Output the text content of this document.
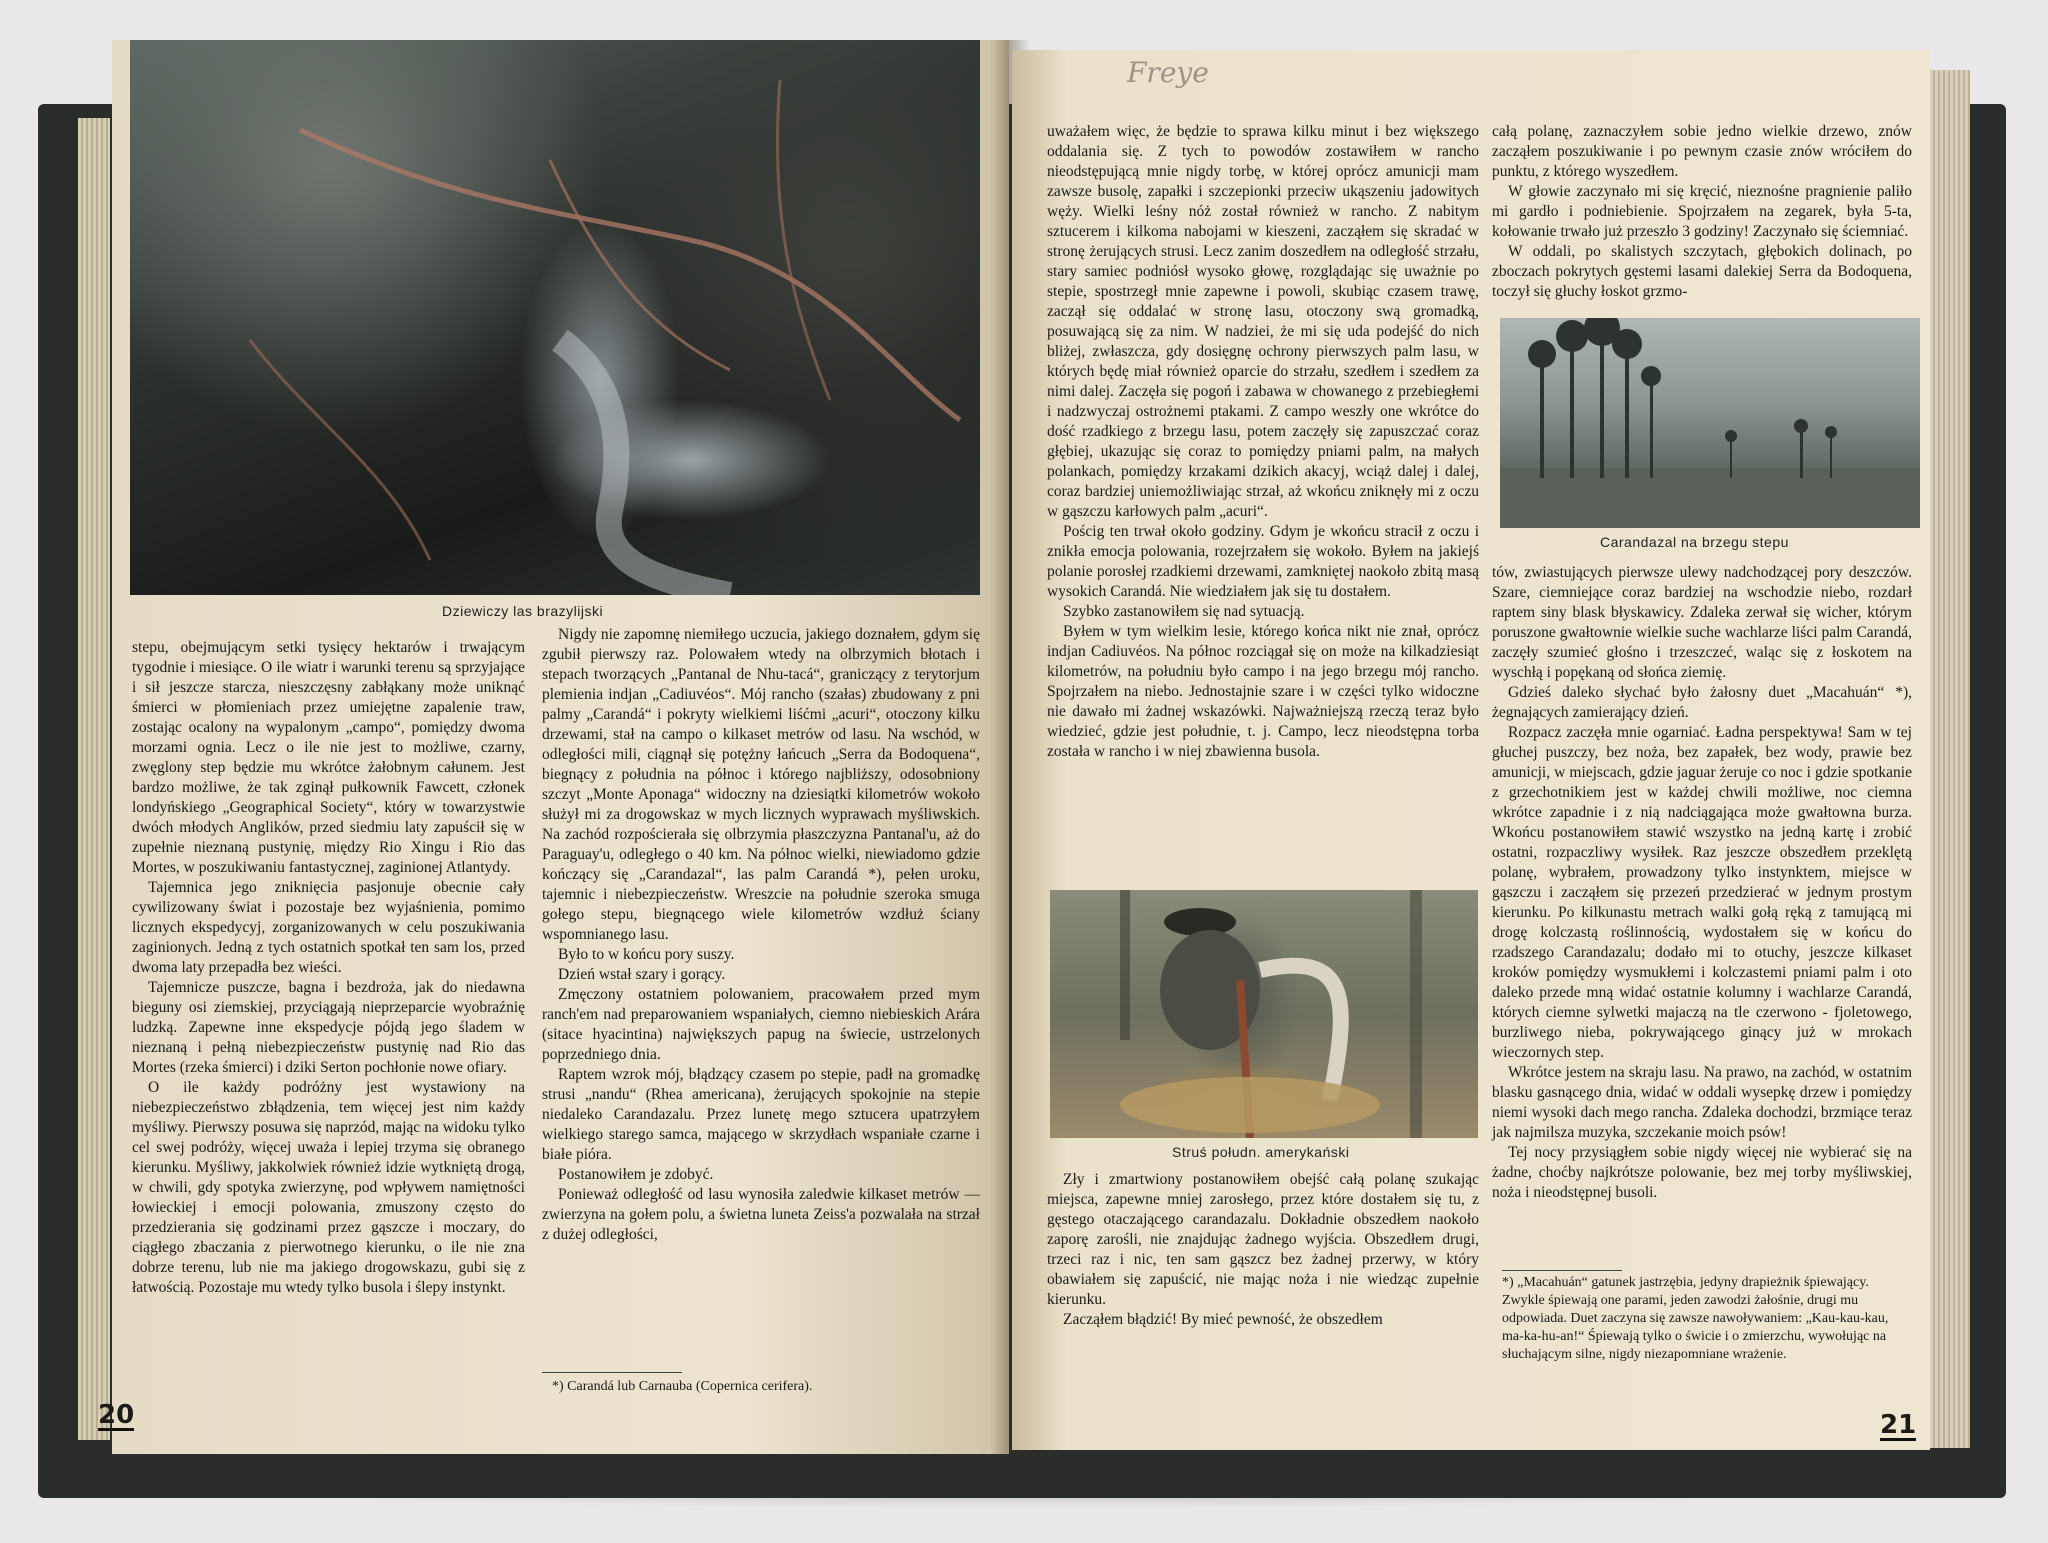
Dziewiczy las brazylijski

stepu, obejmującym setki tysięcy hektarów i trwającym tygodnie i miesiące. O ile wiatr i warunki terenu są sprzyjające i sił jeszcze starcza, nieszczęsny zabłąkany może uniknąć śmierci w płomieniach przez umiejętne zapalenie traw, zostając ocalony na wypalonym „campo“, pomiędzy dwoma morzami ognia. Lecz o ile nie jest to możliwe, czarny, zwęglony step będzie mu wkrótce żałobnym całunem. Jest bardzo możliwe, że tak zginął pułkownik Fawcett, członek londyńskiego „Geographical Society“, który w towarzystwie dwóch młodych Anglików, przed siedmiu laty zapuścił się w zupełnie nieznaną pustynię, między Rio Xingu i Rio das Mortes, w poszukiwaniu fantastycznej, zaginionej Atlantydy.

Tajemnica jego zniknięcia pasjonuje obecnie cały cywilizowany świat i pozostaje bez wyjaśnienia, pomimo licznych ekspedycyj, zorganizowanych w celu poszukiwania zaginionych. Jedną z tych ostatnich spotkał ten sam los, przed dwoma laty przepadła bez wieści.

Tajemnicze puszcze, bagna i bezdroża, jak do niedawna bieguny osi ziemskiej, przyciągają nieprzeparcie wyobraźnię ludzką. Zapewne inne ekspedycje pójdą jego śladem w nieznaną i pełną niebezpieczeństw pustynię nad Rio das Mortes (rzeka śmierci) i dziki Serton pochłonie nowe ofiary.

O ile każdy podróżny jest wystawiony na niebezpieczeństwo zbłądzenia, tem więcej jest nim każdy myśliwy. Pierwszy posuwa się naprzód, mając na widoku tylko cel swej podróży, więcej uważa i lepiej trzyma się obranego kierunku. Myśliwy, jakkolwiek również idzie wytkniętą drogą, w chwili, gdy spotyka zwierzynę, pod wpływem namiętności łowieckiej i emocji polowania, zmuszony często do przedzierania się godzinami przez gąszcze i moczary, do ciągłego zbaczania z pierwotnego kierunku, o ile nie zna dobrze terenu, lub nie ma jakiego drogowskazu, gubi się z łatwością. Pozostaje mu wtedy tylko busola i ślepy instynkt.

Nigdy nie zapomnę niemiłego uczucia, jakiego doznałem, gdym się zgubił pierwszy raz. Polowałem wtedy na olbrzymich błotach i stepach tworzących „Pantanal de Nhu-tacá“, graniczący z terytorjum plemienia indjan „Cadiuvéos“. Mój rancho (szałas) zbudowany z pni palmy „Carandá“ i pokryty wielkiemi liśćmi „acuri“, otoczony kilku drzewami, stał na campo o kilkaset metrów od lasu. Na wschód, w odległości mili, ciągnął się potężny łańcuch „Serra da Bodoquena“, biegnący z południa na północ i którego najbliższy, odosobniony szczyt „Monte Aponaga“ widoczny na dziesiątki kilometrów wokoło służył mi za drogowskaz w mych licznych wyprawach myśliwskich. Na zachód rozpościerała się olbrzymia płaszczyzna Pantanal'u, aż do Paraguay'u, odległego o 40 km. Na północ wielki, niewiadomo gdzie kończący się „Carandazal“, las palm Carandá *), pełen uroku, tajemnic i niebezpieczeństw. Wreszcie na południe szeroka smuga gołego stepu, biegnącego wiele kilometrów wzdłuż ściany wspomnianego lasu.

Było to w końcu pory suszy.

Dzień wstał szary i gorący.

Zmęczony ostatniem polowaniem, pracowałem przed mym ranch'em nad preparowaniem wspaniałych, ciemno niebieskich Arára (sitace hyacintina) największych papug na świecie, ustrzelonych poprzedniego dnia.

Raptem wzrok mój, błądzący czasem po stepie, padł na gromadkę strusi „nandu“ (Rhea americana), żerujących spokojnie na stepie niedaleko Carandazalu. Przez lunetę mego sztucera upatrzyłem wielkiego starego samca, mającego w skrzydłach wspaniałe czarne i białe pióra.

Postanowiłem je zdobyć.

Ponieważ odległość od lasu wynosiła zaledwie kilkaset metrów — zwierzyna na gołem polu, a świetna luneta Zeiss'a pozwalała na strzał z dużej odległości,

*) Carandá lub Carnauba (Copernica cerifera).
20
Freye

uważałem więc, że będzie to sprawa kilku minut i bez większego oddalania się. Z tych to powodów zostawiłem w rancho nieodstępującą mnie nigdy torbę, w której oprócz amunicji mam zawsze busolę, zapałki i szczepionki przeciw ukąszeniu jadowitych węży. Wielki leśny nóż został również w rancho. Z nabitym sztucerem i kilkoma nabojami w kieszeni, zacząłem się skradać w stronę żerujących strusi. Lecz zanim doszedłem na odległość strzału, stary samiec podniósł wysoko głowę, rozglądając się uważnie po stepie, spostrzegł mnie zapewne i powoli, skubiąc czasem trawę, zaczął się oddalać w stronę lasu, otoczony swą gromadką, posuwającą się za nim. W nadziei, że mi się uda podejść do nich bliżej, zwłaszcza, gdy dosięgnę ochrony pierwszych palm lasu, w których będę miał również oparcie do strzału, szedłem i szedłem za nimi dalej. Zaczęła się pogoń i zabawa w chowanego z przebiegłemi i nadzwyczaj ostrożnemi ptakami. Z campo weszły one wkrótce do dość rzadkiego z brzegu lasu, potem zaczęły się zapuszczać coraz głębiej, ukazując się coraz to pomiędzy pniami palm, na małych polankach, pomiędzy krzakami dzikich akacyj, wciąż dalej i dalej, coraz bardziej uniemożliwiając strzał, aż wkońcu zniknęły mi z oczu w gąszczu karłowych palm „acuri“.

Pościg ten trwał około godziny. Gdym je wkońcu stracił z oczu i znikła emocja polowania, rozejrzałem się wokoło. Byłem na jakiejś polanie porosłej rzadkiemi drzewami, zamkniętej naokoło zbitą masą wysokich Carandá. Nie wiedziałem jak się tu dostałem.

Szybko zastanowiłem się nad sytuacją.

Byłem w tym wielkim lesie, którego końca nikt nie znał, oprócz indjan Cadiuvéos. Na północ rozciągał się on może na kilkadziesiąt kilometrów, na południu było campo i na jego brzegu mój rancho. Spojrzałem na niebo. Jednostajnie szare i w części tylko widoczne nie dawało mi żadnej wskazówki. Najważniejszą rzeczą teraz było wiedzieć, gdzie jest południe, t. j. Campo, lecz nieodstępna torba została w rancho i w niej zbawienna busola.

Struś połudn. amerykański

Zły i zmartwiony postanowiłem obejść całą polanę szukając miejsca, zapewne mniej zarosłego, przez które dostałem się tu, z gęstego otaczającego carandazalu. Dokładnie obszedłem naokoło zaporę zarośli, nie znajdując żadnego wyjścia. Obszedłem drugi, trzeci raz i nic, ten sam gąszcz bez żadnej przerwy, w który obawiałem się zapuścić, nie mając noża i nie wiedząc zupełnie kierunku.

Zacząłem błądzić! By mieć pewność, że obszedłem

całą polanę, zaznaczyłem sobie jedno wielkie drzewo, znów zacząłem poszukiwanie i po pewnym czasie znów wróciłem do punktu, z którego wyszedłem.

W głowie zaczynało mi się kręcić, nieznośne pragnienie paliło mi gardło i podniebienie. Spojrzałem na zegarek, była 5-ta, kołowanie trwało już przeszło 3 godziny! Zaczynało się ściemniać.

W oddali, po skalistych szczytach, głębokich dolinach, po zboczach pokrytych gęstemi lasami dalekiej Serra da Bodoquena, toczył się głuchy łoskot grzmo-

Carandazal na brzegu stepu

tów, zwiastujących pierwsze ulewy nadchodzącej pory deszczów. Szare, ciemniejące coraz bardziej na wschodzie niebo, rozdarł raptem siny blask błyskawicy. Zdaleka zerwał się wicher, którym poruszone gwałtownie wielkie suche wachlarze liści palm Carandá, zaczęły szumieć głośno i trzeszczeć, waląc się z łoskotem na wyschłą i popękaną od słońca ziemię.

Gdzieś daleko słychać było żałosny duet „Macahuán“ *), żegnających zamierający dzień.

Rozpacz zaczęła mnie ogarniać. Ładna perspektywa! Sam w tej głuchej puszczy, bez noża, bez zapałek, bez wody, prawie bez amunicji, w miejscach, gdzie jaguar żeruje co noc i gdzie spotkanie z grzechotnikiem jest w każdej chwili możliwe, noc ciemna wkrótce zapadnie i z nią nadciągająca może gwałtowna burza. Wkońcu postanowiłem stawić wszystko na jedną kartę i zrobić ostatni, rozpaczliwy wysiłek. Raz jeszcze obszedłem przeklętą polanę, wybrałem, prowadzony tylko instynktem, miejsce w gąszczu i zacząłem się przezeń przedzierać w jednym prostym kierunku. Po kilkunastu metrach walki gołą ręką z tamującą mi drogę kolczastą roślinnością, wydostałem się w końcu do rzadszego Carandazalu; dodało mi to otuchy, jeszcze kilkaset kroków pomiędzy wysmukłemi i kolczastemi pniami palm i oto daleko przede mną widać ostatnie kolumny i wachlarze Carandá, których ciemne sylwetki majaczą na tle czerwono - fjoletowego, burzliwego nieba, pokrywającego ginący już w mrokach wieczornych step.

Wkrótce jestem na skraju lasu. Na prawo, na zachód, w ostatnim blasku gasnącego dnia, widać w oddali wysepkę drzew i pomiędzy niemi wysoki dach mego rancha. Zdaleka dochodzi, brzmiące teraz jak najmilsza muzyka, szczekanie moich psów!

Tej nocy przysiągłem sobie nigdy więcej nie wybierać się na żadne, choćby najkrótsze polowanie, bez mej torby myśliwskiej, noża i nieodstępnej busoli.

*) „Macahuán“ gatunek jastrzębia, jedyny drapieżnik śpiewający. Zwykle śpiewają one parami, jeden zawodzi żałośnie, drugi mu odpowiada. Duet zaczyna się zawsze nawoływaniem: „Kau-kau-kau, ma-ka-hu-an!“ Śpiewają tylko o świcie i o zmierzchu, wywołując na słuchającym silne, nigdy niezapomniane wrażenie.
21
